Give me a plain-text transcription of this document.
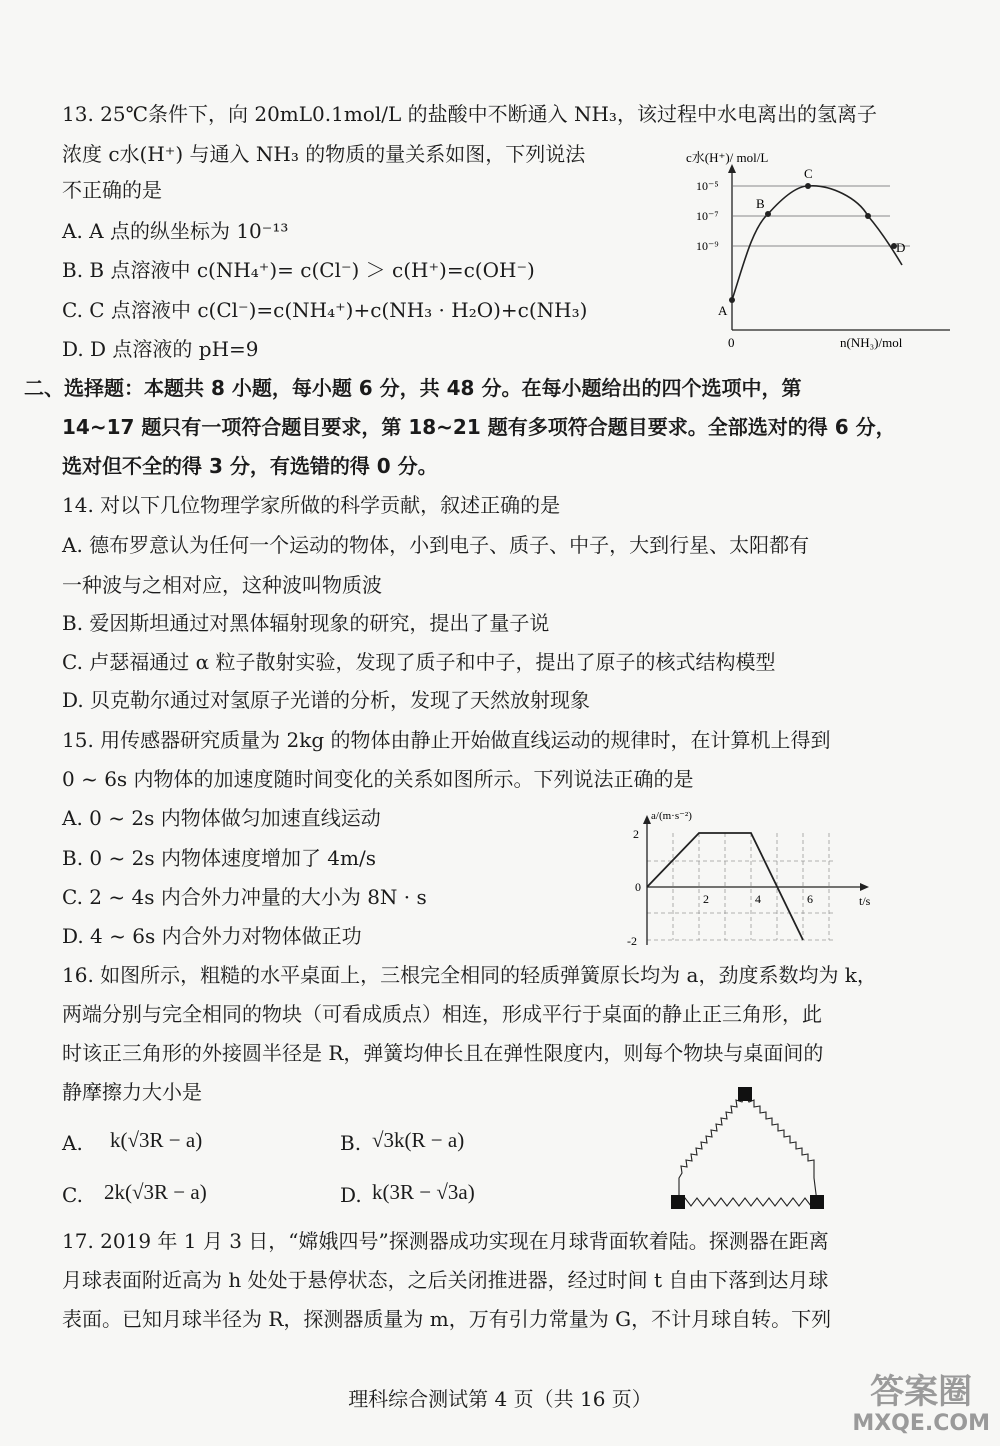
13. 25℃条件下，向 20mL0.1mol/L 的盐酸中不断通入 NH₃，该过程中水电离出的氢离子
浓度 c水(H⁺) 与通入 NH₃ 的物质的量关系如图，下列说法
不正确的是
A. A 点的纵坐标为 10⁻¹³
B. B 点溶液中 c(NH₄⁺)= c(Cl⁻) ＞ c(H⁺)=c(OH⁻)
C. C 点溶液中 c(Cl⁻)=c(NH₄⁺)+c(NH₃ · H₂O)+c(NH₃)
D. D 点溶液的 pH=9
c水(H⁺)/ mol/L
10⁻⁵
10⁻⁷
10⁻⁹
A
B
C
D
0	n(NH₃)/mol
二、选择题：本题共 8 小题，每小题 6 分，共 48 分。在每小题给出的四个选项中，第
14~17 题只有一项符合题目要求，第 18~21 题有多项符合题目要求。全部选对的得 6 分，
选对但不全的得 3 分，有选错的得 0 分。
14. 对以下几位物理学家所做的科学贡献，叙述正确的是
A. 德布罗意认为任何一个运动的物体，小到电子、质子、中子，大到行星、太阳都有
一种波与之相对应，这种波叫物质波
B. 爱因斯坦通过对黑体辐射现象的研究，提出了量子说
C. 卢瑟福通过 α 粒子散射实验，发现了质子和中子，提出了原子的核式结构模型
D. 贝克勒尔通过对氢原子光谱的分析，发现了天然放射现象
15. 用传感器研究质量为 2kg 的物体由静止开始做直线运动的规律时，在计算机上得到
0 ~ 6s 内物体的加速度随时间变化的关系如图所示。下列说法正确的是
A. 0 ~ 2s 内物体做匀加速直线运动
B. 0 ~ 2s 内物体速度增加了 4m/s
C. 2 ~ 4s 内合外力冲量的大小为 8N · s
D. 4 ~ 6s 内合外力对物体做正功
a/(m·s⁻²)
2
-2
0
2	4	6	t/s
16. 如图所示，粗糙的水平桌面上，三根完全相同的轻质弹簧原长均为 a，劲度系数均为 k，
两端分别与完全相同的物块（可看成质点）相连，形成平行于桌面的静止正三角形，此
时该正三角形的外接圆半径是 R，弹簧均伸长且在弹性限度内，则每个物块与桌面间的
静摩擦力大小是
A. k(√3R − a)	B. √3k(R − a)
C. 2k(√3R − a)	D. k(3R − √3a)
17. 2019 年 1 月 3 日，“嫦娥四号”探测器成功实现在月球背面软着陆。探测器在距离
月球表面附近高为 h 处处于悬停状态，之后关闭推进器，经过时间 t 自由下落到达月球
表面。已知月球半径为 R，探测器质量为 m，万有引力常量为 G，不计月球自转。下列
理科综合测试第 4 页（共 16 页）	答案圈
MXQE.COM
